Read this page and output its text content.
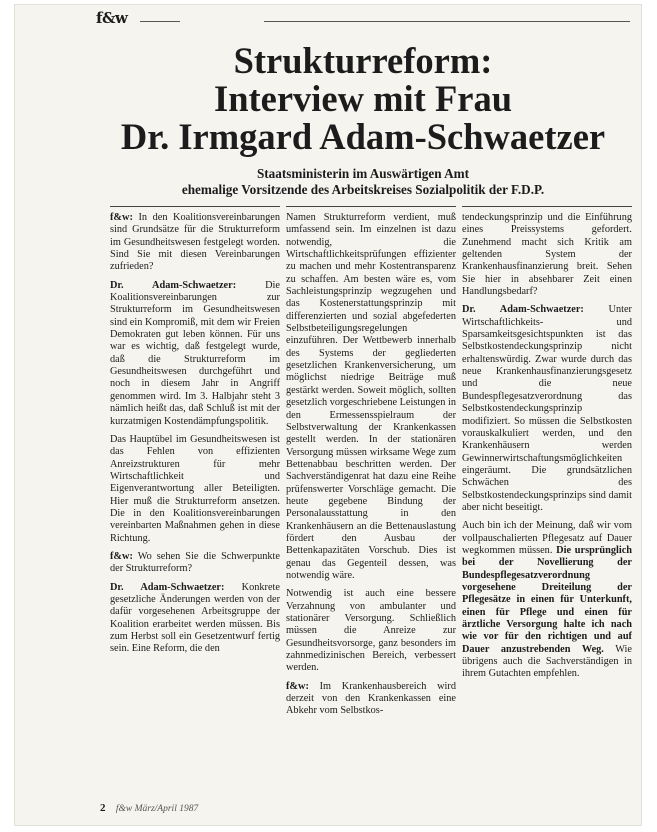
f&w
Strukturreform:
Interview mit Frau
Dr. Irmgard Adam-Schwaetzer
Staatsministerin im Auswärtigen Amt
ehemalige Vorsitzende des Arbeitskreises Sozialpolitik der F.D.P.

f&w: In den Koalitionsvereinbarungen sind Grundsätze für die Strukturreform im Gesundheitswesen festgelegt worden. Sind Sie mit diesen Vereinbarungen zufrieden?

Dr. Adam-Schwaetzer: Die Koalitionsvereinbarungen zur Strukturreform im Gesundheitswesen sind ein Kompromiß, mit dem wir Freien Demokraten gut leben können. Für uns war es wichtig, daß festgelegt wurde, daß die Strukturreform im Gesundheitswesen durchgeführt und noch in diesem Jahr in Angriff genommen wird. Im 3. Halbjahr steht 3 nämlich heißt das, daß Schluß ist mit der kurzatmigen Kostendämpfungspolitik.

Das Hauptübel im Gesundheitswesen ist das Fehlen von effizienten Anreizstrukturen für mehr Wirtschaftlichkeit und Eigenverantwortung aller Beteiligten. Hier muß die Strukturreform ansetzen. Die in den Koalitionsvereinbarungen vereinbarten Maßnahmen gehen in diese Richtung.

f&w: Wo sehen Sie die Schwerpunkte der Strukturreform?

Dr. Adam-Schwaetzer: Konkrete gesetzliche Änderungen werden von der dafür vorgesehenen Arbeitsgruppe der Koalition erarbeitet werden müssen. Bis zum Herbst soll ein Gesetzentwurf fertig sein. Eine Reform, die den

Namen Strukturreform verdient, muß umfassend sein. Im einzelnen ist dazu notwendig, die Wirtschaftlichkeitsprüfungen effizienter zu machen und mehr Kostentransparenz zu schaffen. Am besten wäre es, vom Sachleistungsprinzip wegzugehen und das Kostenerstattungsprinzip mit differenzierten und sozial abgefederten Selbstbeteiligungsregelungen einzuführen. Der Wettbewerb innerhalb des Systems der gegliederten gesetzlichen Krankenversicherung, um möglichst niedrige Beiträge muß gestärkt werden. Soweit möglich, sollten gesetzlich vorgeschriebene Leistungen in den Ermessensspielraum der Selbstverwaltung der Krankenkassen gestellt werden. In der stationären Versorgung müssen wirksame Wege zum Bettenabbau beschritten werden. Der Sachverständigenrat hat dazu eine Reihe prüfenswerter Vorschläge gemacht. Die heute gegebene Bindung der Personalausstattung in den Krankenhäusern an die Bettenauslastung fördert den Ausbau der Bettenkapazitäten Vorschub. Dies ist genau das Gegenteil dessen, was notwendig wäre.

Notwendig ist auch eine bessere Verzahnung von ambulanter und stationärer Versorgung. Schließlich müssen die Anreize zur Gesundheitsvorsorge, ganz besonders im zahnmedizinischen Bereich, verbessert werden.

f&w: Im Krankenhausbereich wird derzeit von den Krankenkassen eine Abkehr vom Selbstkos-

tendeckungsprinzip und die Einführung eines Preissystems gefordert. Zunehmend macht sich Kritik am geltenden System der Krankenhausfinanzierung breit. Sehen Sie hier in absehbarer Zeit einen Handlungsbedarf?

Dr. Adam-Schwaetzer: Unter Wirtschaftlichkeits- und Sparsamkeitsgesichtspunkten ist das Selbstkostendeckungsprinzip nicht erhaltenswürdig. Zwar wurde durch das neue Krankenhausfinanzierungsgesetz und die neue Bundespflegesatzverordnung das Selbstkostendeckungsprinzip modifiziert. So müssen die Selbstkosten vorauskalkuliert werden, und den Krankenhäusern werden Gewinnerwirtschaftungsmöglichkeiten eingeräumt. Die grundsätzlichen Schwächen des Selbstkostendeckungsprinzips sind damit aber nicht beseitigt.

Auch bin ich der Meinung, daß wir vom vollpauschalierten Pflegesatz auf Dauer wegkommen müssen. Die ursprünglich bei der Novellierung der Bundespflegesatzverordnung vorgesehene Dreiteilung der Pflegesätze in einen für Unterkunft, einen für Pflege und einen für ärztliche Versorgung halte ich nach wie vor für den richtigen und auf Dauer anzustrebenden Weg. Wie übrigens auch die Sachverständigen in ihrem Gutachten empfehlen.

2 f&w März/April 1987
